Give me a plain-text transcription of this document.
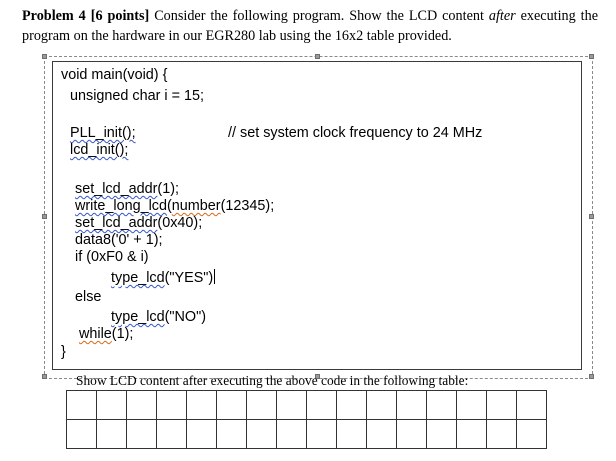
Problem 4 [6 points] Consider the following program. Show the LCD content after executing the program on the hardware in our EGR280 lab using the 16x2 table provided.
void main(void) {
unsigned char i = 15;
PLL_init();	// set system clock frequency to 24 MHz
lcd_init();
set_lcd_addr(1);
write_long_lcd(number(12345);
set_lcd_addr(0x40);
data8('0' + 1);
if (0xF0 & i)
type_lcd("YES")
else
type_lcd("NO")
while(1);
}
Show LCD content after executing the above code in the following table:
